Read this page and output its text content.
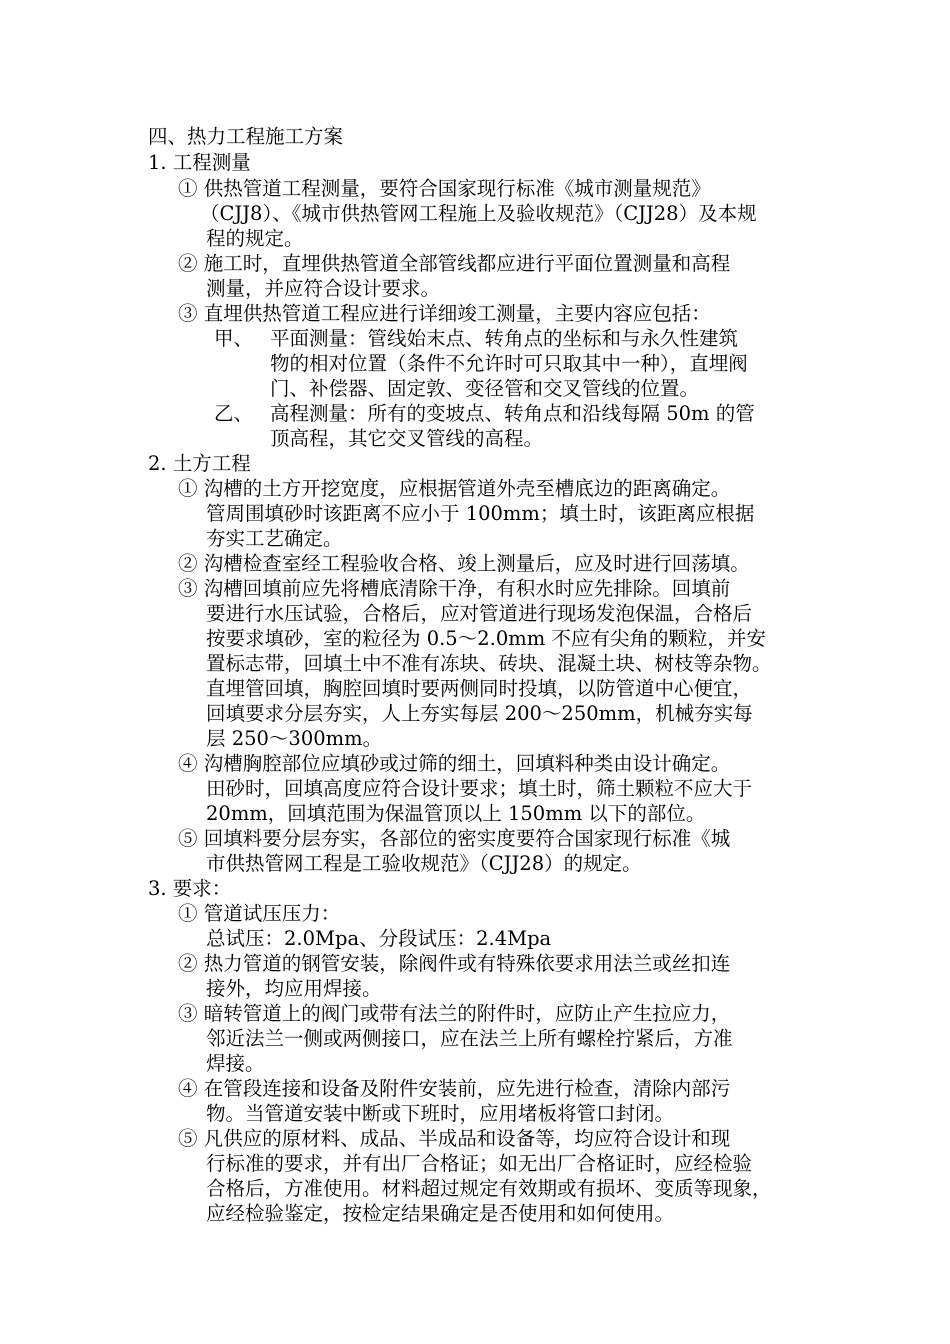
四、热力工程施工方案
1. 工程测量
① 供热管道工程测量，要符合国家现行标准《城市测量规范》
（CJJ8）、《城市供热管网工程施上及验收规范》（CJJ28）及本规
程的规定。
② 施工时，直埋供热管道全部管线都应进行平面位置测量和高程
测量，并应符合设计要求。
③ 直埋供热管道工程应进行详细竣工测量，主要内容应包括：
甲、 平面测量：管线始末点、转角点的坐标和与永久性建筑
物的相对位置（条件不允许时可只取其中一种），直埋阀
门、补偿器、固定敦、变径管和交叉管线的位置。
乙、 高程测量：所有的变坡点、转角点和沿线每隔 50m 的管
顶高程，其它交叉管线的高程。
2. 土方工程
① 沟槽的土方开挖宽度，应根据管道外壳至槽底边的距离确定。
管周围填砂时该距离不应小于 100mm；填土时，该距离应根据
夯实工艺确定。
② 沟槽检查室经工程验收合格、竣上测量后，应及时进行回荡填。
③ 沟槽回填前应先将槽底清除干净，有积水时应先排除。回填前
要进行水压试验，合格后，应对管道进行现场发泡保温，合格后
按要求填砂，室的粒径为 0.5～2.0mm 不应有尖角的颗粒，并安
置标志带，回填土中不准有冻块、砖块、混凝土块、树枝等杂物。
直埋管回填，胸腔回填时要两侧同时投填，以防管道中心便宜，
回填要求分层夯实，人上夯实每层 200～250mm，机械夯实每
层 250～300mm。
④ 沟槽胸腔部位应填砂或过筛的细土，回填料种类由设计确定。
田砂时，回填高度应符合设计要求；填土时，筛土颗粒不应大于
20mm，回填范围为保温管顶以上 150mm 以下的部位。
⑤ 回填料要分层夯实，各部位的密实度要符合国家现行标准《城
市供热管网工程是工验收规范》（CJJ28）的规定。
3. 要求：
① 管道试压压力：
总试压：2.0Mpa、分段试压：2.4Mpa
② 热力管道的钢管安装，除阀件或有特殊依要求用法兰或丝扣连
接外，均应用焊接。
③ 暗转管道上的阀门或带有法兰的附件时，应防止产生拉应力，
邻近法兰一侧或两侧接口，应在法兰上所有螺栓拧紧后，方准
焊接。
④ 在管段连接和设备及附件安装前，应先进行检查，清除内部污
物。当管道安装中断或下班时，应用堵板将管口封闭。
⑤ 凡供应的原材料、成品、半成品和设备等，均应符合设计和现
行标准的要求，并有出厂合格证；如无出厂合格证时，应经检验
合格后，方准使用。材料超过规定有效期或有损坏、变质等现象，
应经检验鉴定，按检定结果确定是否使用和如何使用。
